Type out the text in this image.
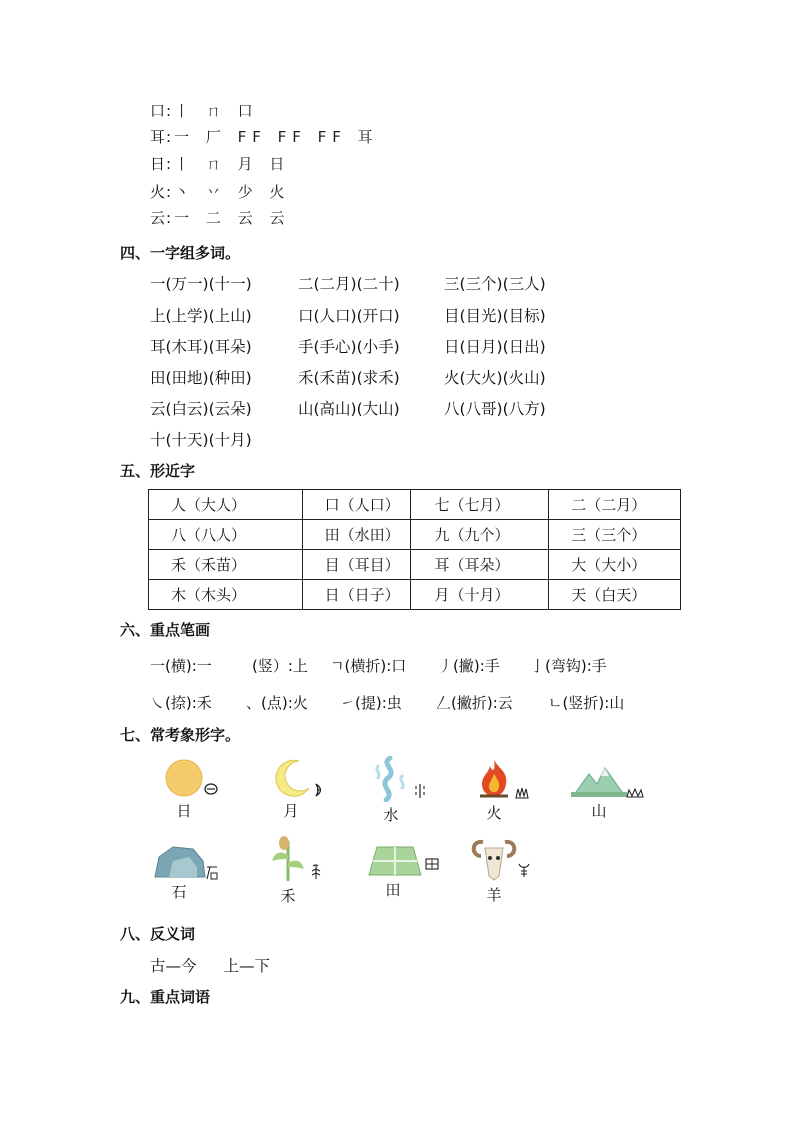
口: 丨 ㄇ 口
耳: 一 厂 FF FF FF 耳
日: 丨 ㄇ 月 日
火: 丶 丷 少 火
云: 一 二 云 云
四、一字组多词。
一(万一)(十一)	二(二月)(二十)	三(三个)(三人)
上(上学)(上山)	口(人口)(开口)	目(目光)(目标)
耳(木耳)(耳朵)	手(手心)(小手)	日(日月)(日出)
田(田地)(种田)	禾(禾苗)(求禾)	火(大火)(火山)
云(白云)(云朵)	山(高山)(大山)	八(八哥)(八方)
十(十天)(十月)
五、形近字
人（大人）	口（人口）	七（七月）	二（二月）
八（八人）	田（水田）	九（九个）	三（三个）
禾（禾苗）	目（耳目）	耳（耳朵）	大（大小）
木（木头）	日（日子）	月（十月）	天（白天）
六、重点笔画
一(横):一	(竖）:上 ㄱ(横折):口 丿(撇):手 亅(弯钩):手
㇏(捺):禾 、(点):火 ㇀(提):虫 𠃋(撇折):云 ㄴ(竖折):山
七、常考象形字。
日	月	水	火	山
石	禾	田	羊
八、反义词
古—今 上—下
九、重点词语
